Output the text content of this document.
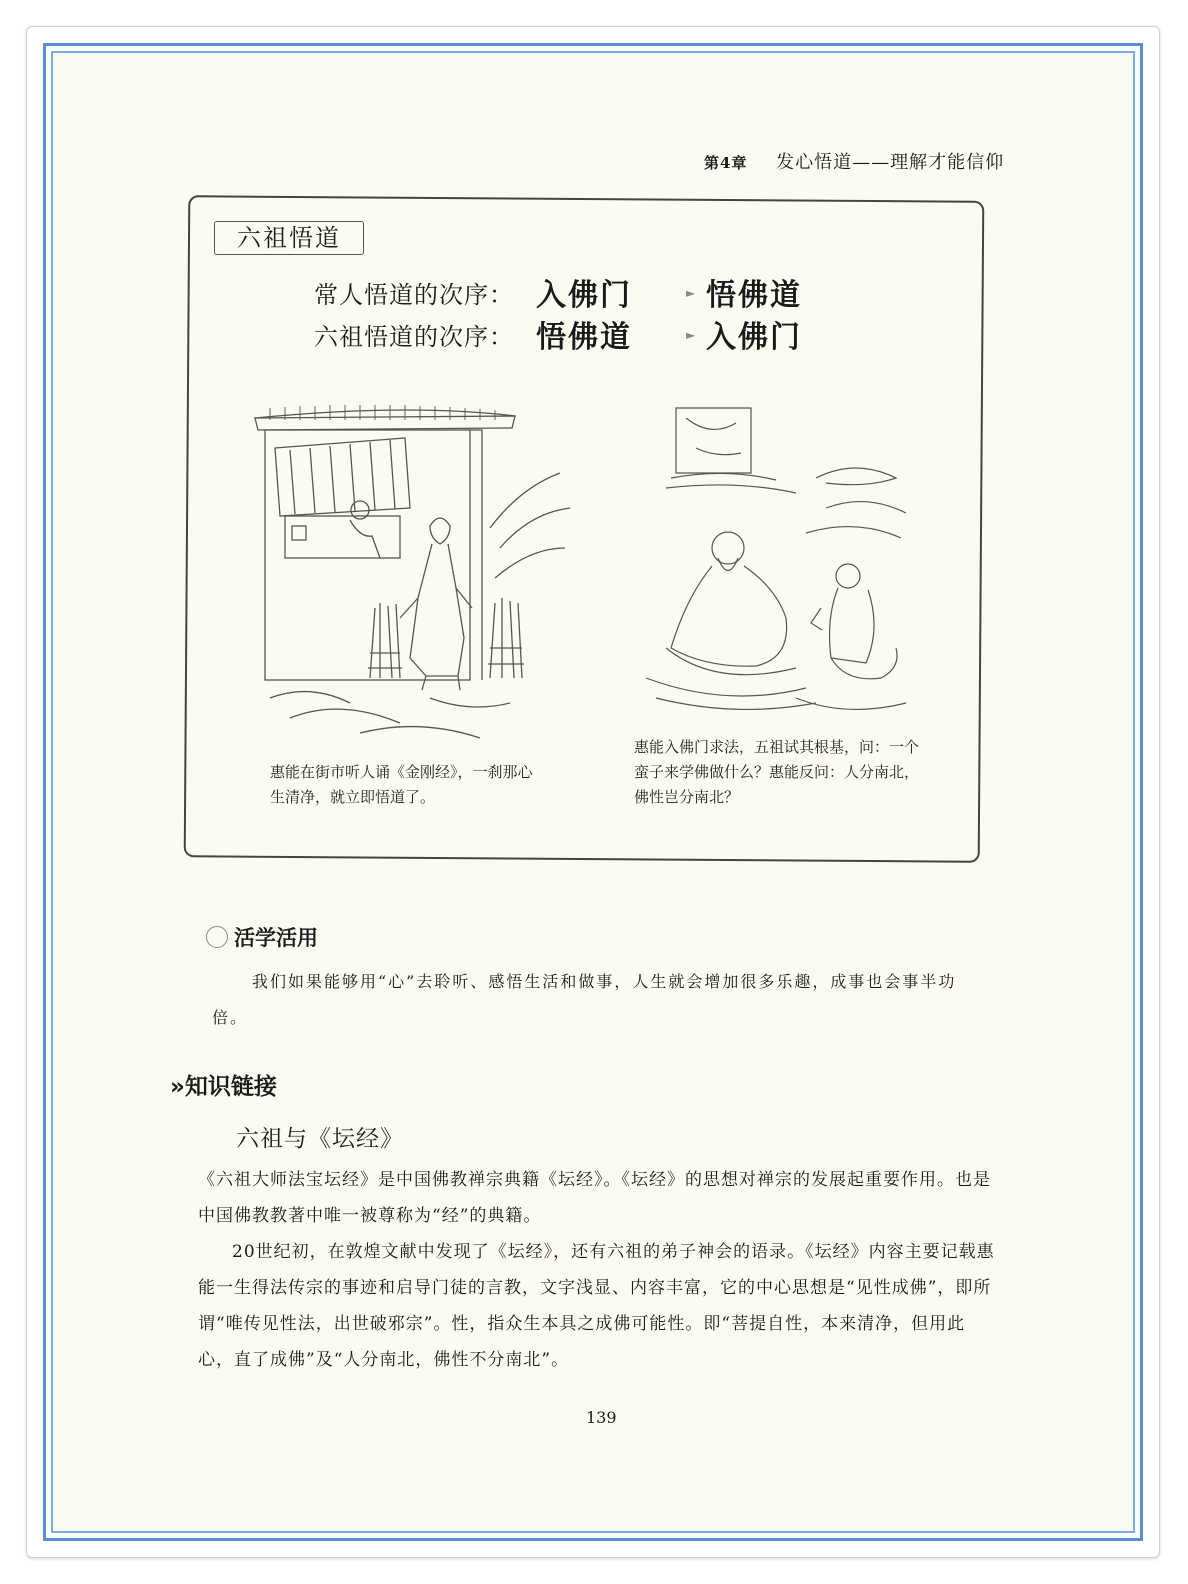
第4章 发心悟道——理解才能信仰
六祖悟道
常人悟道的次序： 入佛门	► 悟佛道
六祖悟道的次序： 悟佛道	► 入佛门
惠能在街市听人诵《金刚经》，一刹那心生清净，就立即悟道了。
惠能入佛门求法，五祖试其根基，问：一个蛮子来学佛做什么？惠能反问：人分南北，佛性岂分南北？
活学活用
我们如果能够用“心”去聆听、感悟生活和做事，人生就会增加很多乐趣，成事也会事半功倍。
»知识链接
六祖与《坛经》

《六祖大师法宝坛经》是中国佛教禅宗典籍《坛经》。《坛经》的思想对禅宗的发展起重要作用。也是中国佛教教著中唯一被尊称为“经”的典籍。

20世纪初，在敦煌文献中发现了《坛经》，还有六祖的弟子神会的语录。《坛经》内容主要记载惠能一生得法传宗的事迹和启导门徒的言教，文字浅显、内容丰富，它的中心思想是“见性成佛”，即所谓“唯传见性法，出世破邪宗”。性，指众生本具之成佛可能性。即“菩提自性，本来清净，但用此心，直了成佛”及“人分南北，佛性不分南北”。

139
